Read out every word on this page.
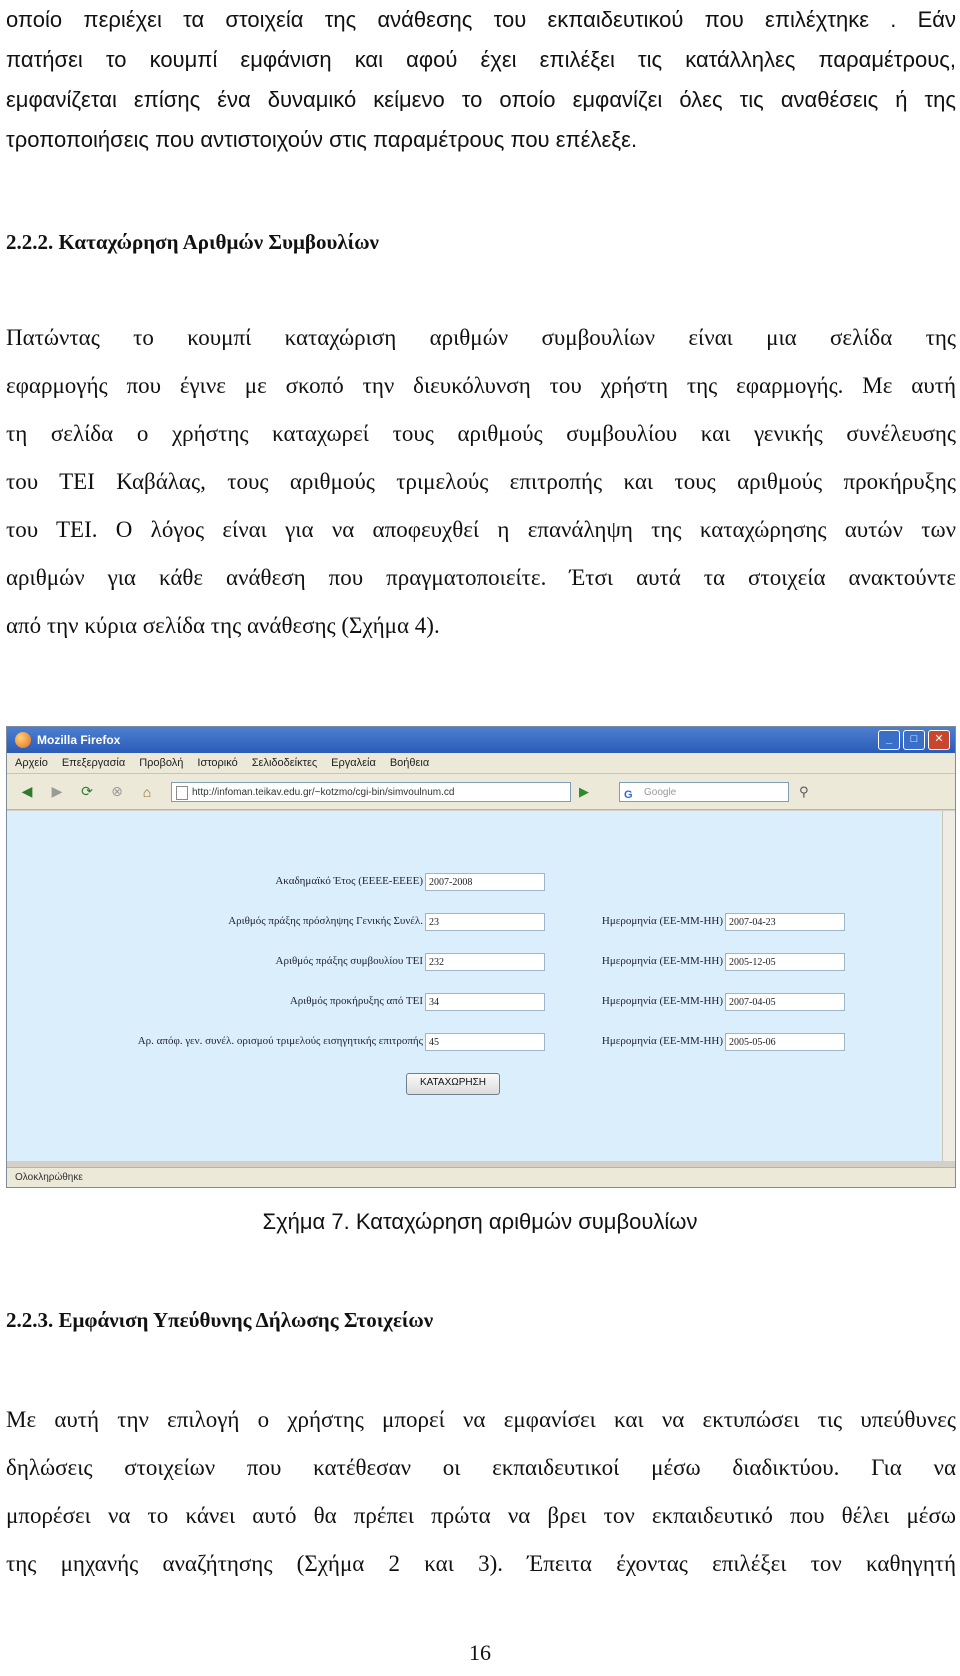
οποίο περιέχει τα στοιχεία της ανάθεσης του εκπαιδευτικού που επιλέχτηκε . Εάν
πατήσει το κουμπί εμφάνιση και αφού έχει επιλέξει τις κατάλληλες παραμέτρους,
εμφανίζεται επίσης ένα δυναμικό κείμενο το οποίο εμφανίζει όλες τις αναθέσεις ή της
τροποποιήσεις που αντιστοιχούν στις παραμέτρους που επέλεξε.
2.2.2. Καταχώρηση Αριθμών Συμβουλίων
Πατώντας το κουμπί καταχώριση αριθμών συμβουλίων είναι μια σελίδα της
εφαρμογής που έγινε με σκοπό την διευκόλυνση του χρήστη της εφαρμογής. Με αυτή
τη σελίδα ο χρήστης καταχωρεί τους αριθμούς συμβουλίου και γενικής συνέλευσης
του ΤΕΙ Καβάλας, τους αριθμούς τριμελούς επιτροπής και τους αριθμούς προκήρυξης
του ΤΕΙ. Ο λόγος είναι για να αποφευχθεί η επανάληψη της καταχώρησης αυτών των
αριθμών για κάθε ανάθεση που πραγματοποιείτε. Έτσι αυτά τα στοιχεία ανακτούντε
από την κύρια σελίδα της ανάθεσης (Σχήμα 4).
Mozilla Firefox	_	□	✕
Αρχείο Επεξεργασία Προβολή Ιστορικό Σελιδοδείκτες Εργαλεία Βοήθεια
◀	▶	⟳	⊗	⌂	http://infoman.teikav.edu.gr/~kotzmo/cgi-bin/simvoulnum.cd	▶	G Google	⚲
Ακαδημαϊκό Έτος (ΕΕΕΕ-ΕΕΕΕ) 2007-2008
Αριθμός πράξης πρόσληψης Γενικής Συνέλ. 23	Ημερομηνία (ΕΕ-ΜΜ-ΗΗ) 2007-04-23
Αριθμός πράξης συμβουλίου ΤΕΙ 232	Ημερομηνία (ΕΕ-ΜΜ-ΗΗ) 2005-12-05
Αριθμός προκήρυξης από ΤΕΙ 34	Ημερομηνία (ΕΕ-ΜΜ-ΗΗ) 2007-04-05
Αρ. απόφ. γεν. συνέλ. ορισμού τριμελούς εισηγητικής επιτροπής 45	Ημερομηνία (ΕΕ-ΜΜ-ΗΗ) 2005-05-06
ΚΑΤΑΧΩΡΗΣΗ
Ολοκληρώθηκε
Σχήμα 7. Καταχώρηση αριθμών συμβουλίων
2.2.3. Εμφάνιση Υπεύθυνης Δήλωσης Στοιχείων
Με αυτή την επιλογή ο χρήστης μπορεί να εμφανίσει και να εκτυπώσει τις υπεύθυνες
δηλώσεις στοιχείων που κατέθεσαν οι εκπαιδευτικοί μέσω διαδικτύου. Για να
μπορέσει να το κάνει αυτό θα πρέπει πρώτα να βρει τον εκπαιδευτικό που θέλει μέσω
της μηχανής αναζήτησης (Σχήμα 2 και 3). Έπειτα έχοντας επιλέξει τον καθηγητή
16
